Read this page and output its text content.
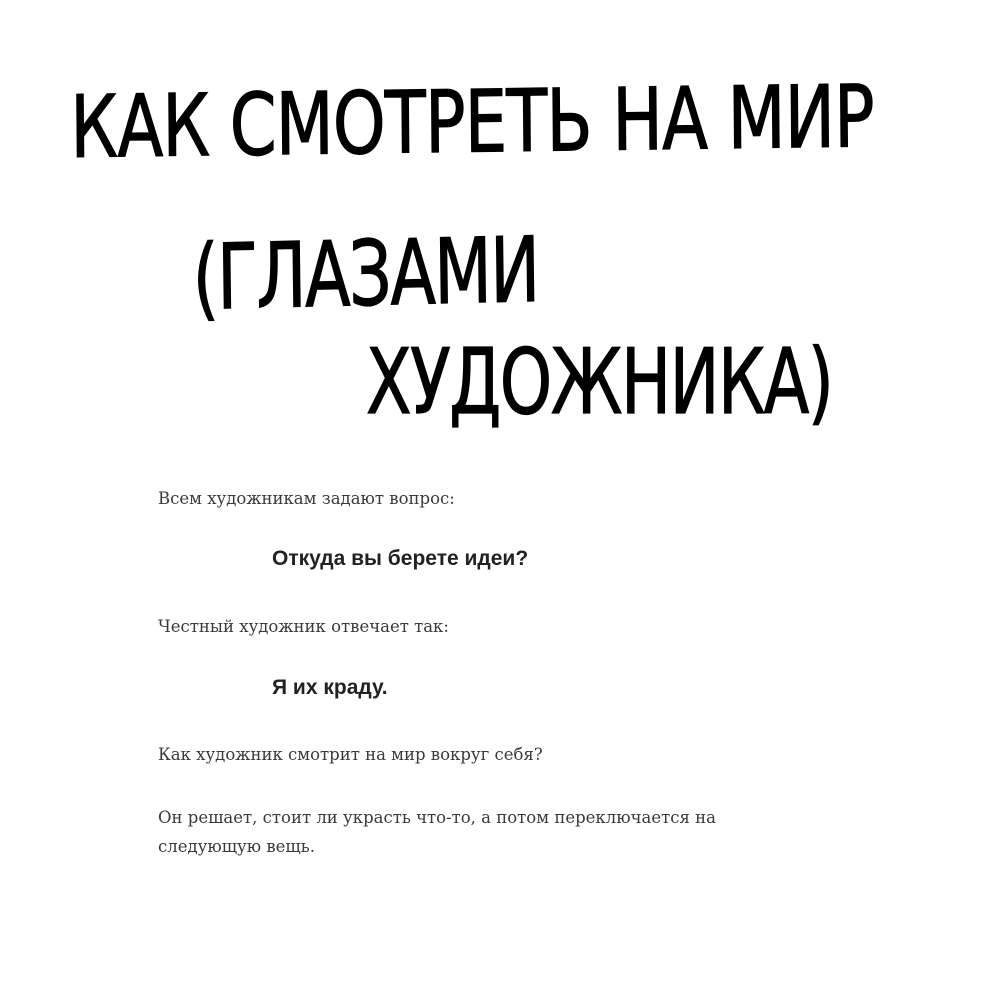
КАК СМОТРЕТЬ НА МИР
(ГЛАЗАМИ
ХУДОЖНИКА)
Всем художникам задают вопрос:
Откуда вы берете идеи?
Честный художник отвечает так:
Я их краду.
Как художник смотрит на мир вокруг себя?
Он решает, стоит ли украсть что-то, а потом переключается на следующую вещь.
